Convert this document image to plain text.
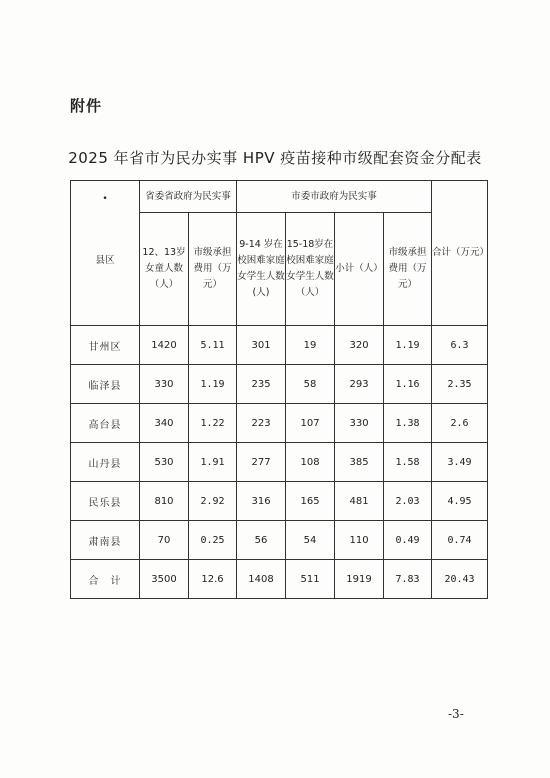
附件
2025 年省市为民办实事 HPV 疫苗接种市级配套资金分配表
•
县区	省委省政府为民实事		市委市政府为民实事				合计（万元）
	12、13岁女童人数（人）	市级承担费用（万元）	9-14 岁在校困难家庭女学生人数(人)	15-18岁在校困难家庭女学生人数（人）	小计（人）	市级承担费用（万元）	
甘州区	1420	5.11	301	19	320	1.19	6.3
临泽县	330	1.19	235	58	293	1.16	2.35
高台县	340	1.22	223	107	330	1.38	2.6
山丹县	530	1.91	277	108	385	1.58	3.49
民乐县	810	2.92	316	165	481	2.03	4.95
肃南县	70	0.25	56	54	110	0.49	0.74
合　计	3500	12.6	1408	511	1919	7.83	20.43
-3-
